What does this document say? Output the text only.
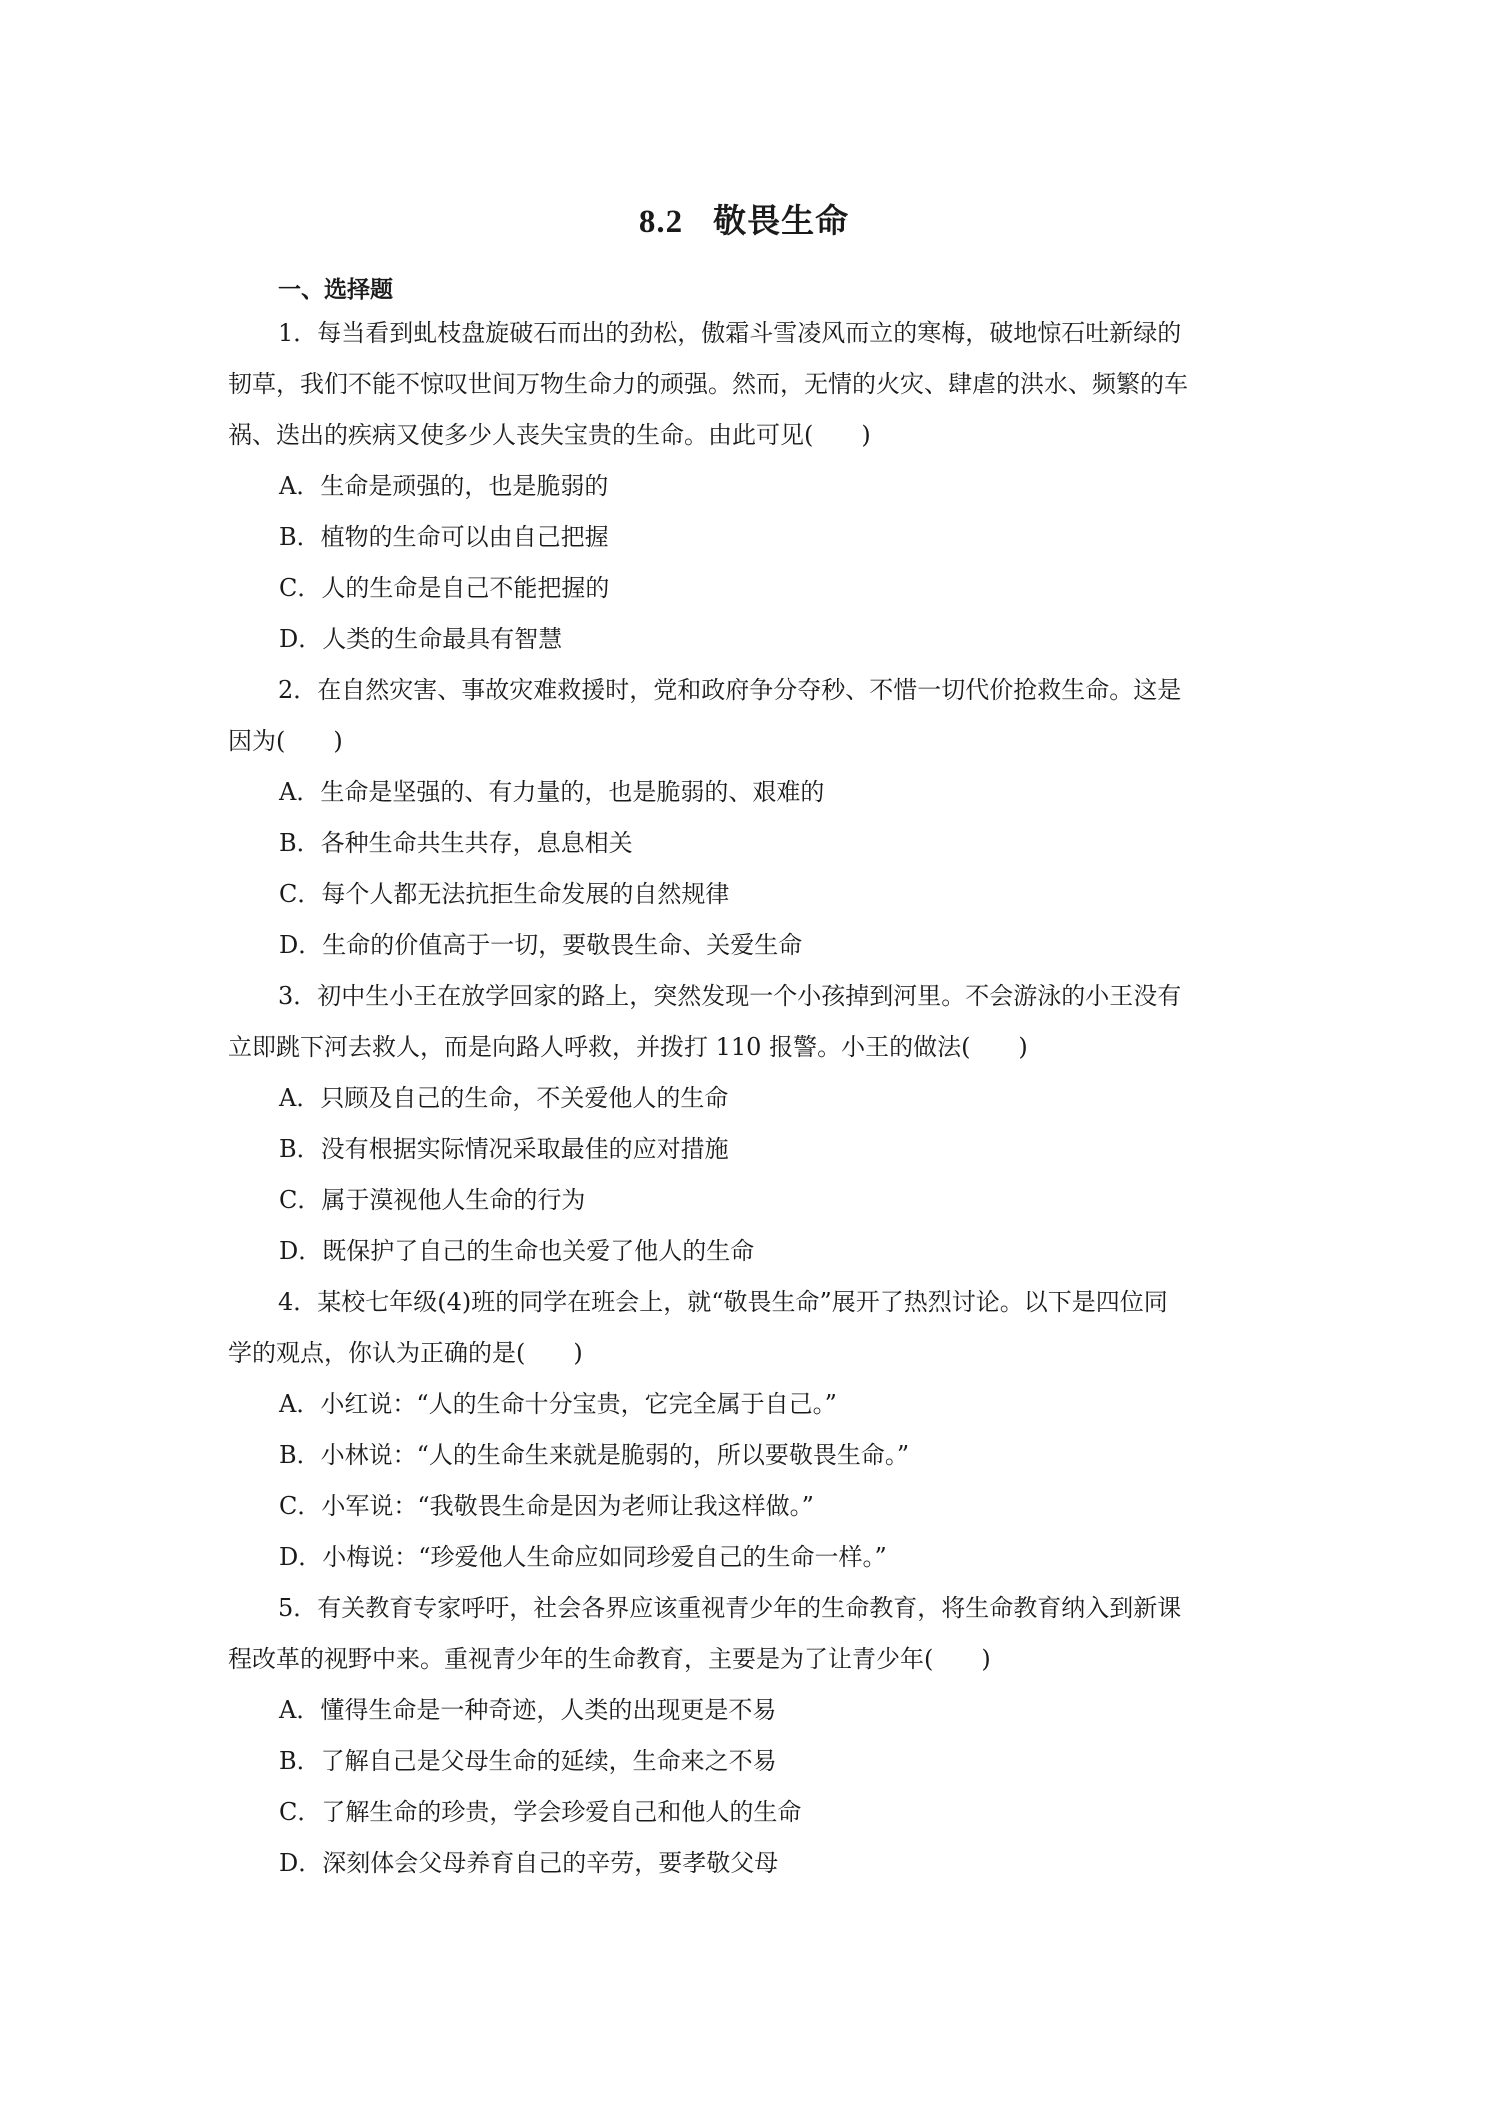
8.2 敬畏生命
一、选择题
1．每当看到虬枝盘旋破石而出的劲松，傲霜斗雪凌风而立的寒梅，破地惊石吐新绿的
韧草，我们不能不惊叹世间万物生命力的顽强。然而，无情的火灾、肆虐的洪水、频繁的车
祸、迭出的疾病又使多少人丧失宝贵的生命。由此可见(　　)
A．生命是顽强的，也是脆弱的
B．植物的生命可以由自己把握
C．人的生命是自己不能把握的
D．人类的生命最具有智慧
2．在自然灾害、事故灾难救援时，党和政府争分夺秒、不惜一切代价抢救生命。这是
因为(　　)
A．生命是坚强的、有力量的，也是脆弱的、艰难的
B．各种生命共生共存，息息相关
C．每个人都无法抗拒生命发展的自然规律
D．生命的价值高于一切，要敬畏生命、关爱生命
3．初中生小王在放学回家的路上，突然发现一个小孩掉到河里。不会游泳的小王没有
立即跳下河去救人，而是向路人呼救，并拨打 110 报警。小王的做法(　　)
A．只顾及自己的生命，不关爱他人的生命
B．没有根据实际情况采取最佳的应对措施
C．属于漠视他人生命的行为
D．既保护了自己的生命也关爱了他人的生命
4．某校七年级(4)班的同学在班会上，就“敬畏生命”展开了热烈讨论。以下是四位同
学的观点，你认为正确的是(　　)
A．小红说：“人的生命十分宝贵，它完全属于自己。”
B．小林说：“人的生命生来就是脆弱的，所以要敬畏生命。”
C．小军说：“我敬畏生命是因为老师让我这样做。”
D．小梅说：“珍爱他人生命应如同珍爱自己的生命一样。”
5．有关教育专家呼吁，社会各界应该重视青少年的生命教育，将生命教育纳入到新课
程改革的视野中来。重视青少年的生命教育，主要是为了让青少年(　　)
A．懂得生命是一种奇迹，人类的出现更是不易
B．了解自己是父母生命的延续，生命来之不易
C．了解生命的珍贵，学会珍爱自己和他人的生命
D．深刻体会父母养育自己的辛劳，要孝敬父母
